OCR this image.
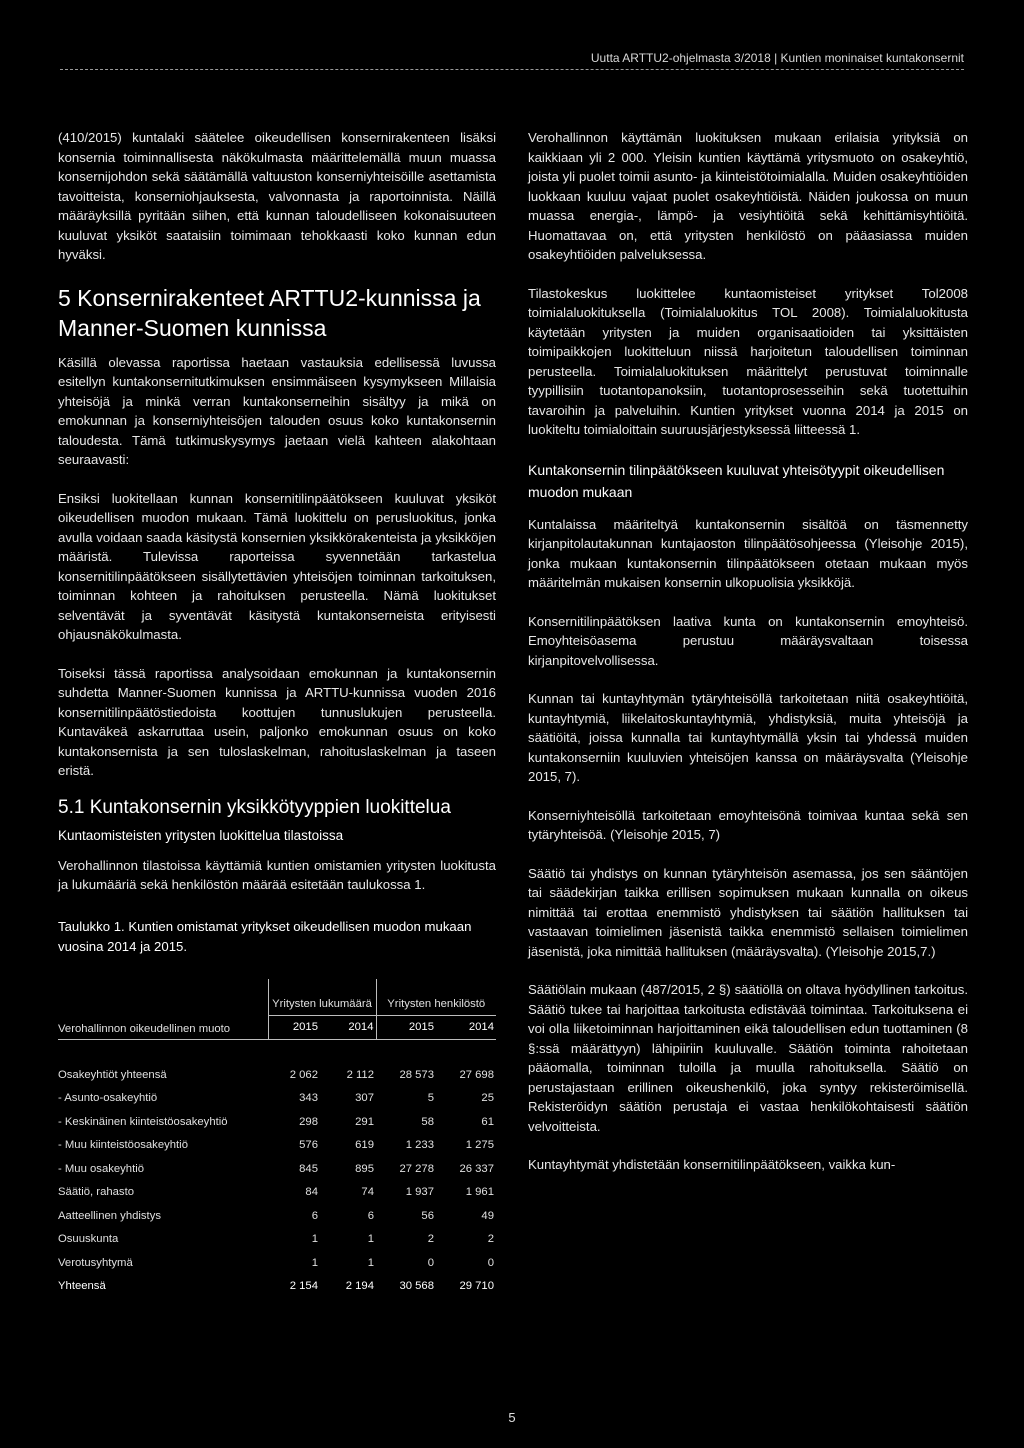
Uutta ARTTU2-ohjelmasta 3/2018 | Kuntien moninaiset kuntakonsernit

(410/2015) kuntalaki säätelee oikeudellisen konsernirakenteen lisäksi konsernia toiminnallisesta näkökulmasta määrittelemällä muun muassa konsernijohdon sekä säätämällä valtuuston konserniyhteisöille asettamista tavoitteista, konserniohjauksesta, valvonnasta ja raportoinnista. Näillä määräyksillä pyritään siihen, että kunnan taloudelliseen kokonaisuuteen kuuluvat yksiköt saataisiin toimimaan tehokkaasti koko kunnan edun hyväksi.

5 Konsernirakenteet ARTTU2-kunnissa ja Manner-Suomen kunnissa

Käsillä olevassa raportissa haetaan vastauksia edellisessä luvussa esitellyn kuntakonsernitutkimuksen ensimmäiseen kysymykseen Millaisia yhteisöjä ja minkä verran kuntakonserneihin sisältyy ja mikä on emokunnan ja konserniyhteisöjen talouden osuus koko kuntakonsernin taloudesta. Tämä tutkimuskysymys jaetaan vielä kahteen alakohtaan seuraavasti:

Ensiksi luokitellaan kunnan konsernitilinpäätökseen kuuluvat yksiköt oikeudellisen muodon mukaan. Tämä luokittelu on perusluokitus, jonka avulla voidaan saada käsitystä konsernien yksikkörakenteista ja yksikköjen määristä. Tulevissa raporteissa syvennetään tarkastelua konsernitilinpäätökseen sisällytettävien yhteisöjen toiminnan tarkoituksen, toiminnan kohteen ja rahoituksen perusteella. Nämä luokitukset selventävät ja syventävät käsitystä kuntakonserneista erityisesti ohjausnäkökulmasta.

Toiseksi tässä raportissa analysoidaan emokunnan ja kuntakonsernin suhdetta Manner-Suomen kunnissa ja ARTTU-kunnissa vuoden 2016 konsernitilinpäätöstiedoista koottujen tunnuslukujen perusteella. Kuntaväkeä askarruttaa usein, paljonko emokunnan osuus on koko kuntakonsernista ja sen tuloslaskelman, rahoituslaskelman ja taseen eristä.

5.1 Kuntakonsernin yksikkötyyppien luokittelua
Kuntaomisteisten yritysten luokittelua tilastoissa

Verohallinnon tilastoissa käyttämiä kuntien omistamien yritysten luokitusta ja lukumääriä sekä henkilöstön määrää esitetään taulukossa 1.

Taulukko 1. Kuntien omistamat yritykset oikeudellisen muodon mukaan vuosina 2014 ja 2015.
Verohallinnon oikeudellinen muoto	Yritysten lukumäärä		Yritysten henkilöstö	
	2015	2014	2015	2014

Osakeyhtiöt yhteensä	2 062	2 112	28 573	27 698
- Asunto-osakeyhtiö	343	307	5	25
- Keskinäinen kiinteistöosakeyhtiö	298	291	58	61
- Muu kiinteistöosakeyhtiö	576	619	1 233	1 275
- Muu osakeyhtiö	845	895	27 278	26 337
Säätiö, rahasto	84	74	1 937	1 961
Aatteellinen yhdistys	6	6	56	49
Osuuskunta	1	1	2	2
Verotusyhtymä	1	1	0	0
Yhteensä	2 154	2 194	30 568	29 710

Verohallinnon käyttämän luokituksen mukaan erilaisia yrityksiä on kaikkiaan yli 2 000. Yleisin kuntien käyttämä yritysmuoto on osakeyhtiö, joista yli puolet toimii asunto- ja kiinteistötoimialalla. Muiden osakeyhtiöiden luokkaan kuuluu vajaat puolet osakeyhtiöistä. Näiden joukossa on muun muassa energia-, lämpö- ja vesiyhtiöitä sekä kehittämisyhtiöitä. Huomattavaa on, että yritysten henkilöstö on pääasiassa muiden osakeyhtiöiden palveluksessa.

Tilastokeskus luokittelee kuntaomisteiset yritykset Tol2008 toimialaluokituksella (Toimialaluokitus TOL 2008). Toimialaluokitusta käytetään yritysten ja muiden organisaatioiden tai yksittäisten toimipaikkojen luokitteluun niissä harjoitetun taloudellisen toiminnan perusteella. Toimialaluokituksen määrittelyt perustuvat toiminnalle tyypillisiin tuotantopanoksiin, tuotantoprosesseihin sekä tuotettuihin tavaroihin ja palveluihin. Kuntien yritykset vuonna 2014 ja 2015 on luokiteltu toimialoittain suuruusjärjestyksessä liitteessä 1.

Kuntakonsernin tilinpäätökseen kuuluvat yhteisötyypit oikeudellisen muodon mukaan

Kuntalaissa määriteltyä kuntakonsernin sisältöä on täsmennetty kirjanpitolautakunnan kuntajaoston tilinpäätösohjeessa (Yleisohje 2015), jonka mukaan kuntakonsernin tilinpäätökseen otetaan mukaan myös määritelmän mukaisen konsernin ulkopuolisia yksikköjä.

Konsernitilinpäätöksen laativa kunta on kuntakonsernin emoyhteisö. Emoyhteisöasema perustuu määräysvaltaan toisessa kirjanpitovelvollisessa.

Kunnan tai kuntayhtymän tytäryhteisöllä tarkoitetaan niitä osakeyhtiöitä, kuntayhtymiä, liikelaitoskuntayhtymiä, yhdistyksiä, muita yhteisöjä ja säätiöitä, joissa kunnalla tai kuntayhtymällä yksin tai yhdessä muiden kuntakonserniin kuuluvien yhteisöjen kanssa on määräysvalta (Yleisohje 2015, 7).

Konserniyhteisöllä tarkoitetaan emoyhteisönä toimivaa kuntaa sekä sen tytäryhteisöä. (Yleisohje 2015, 7)

Säätiö tai yhdistys on kunnan tytäryhteisön asemassa, jos sen sääntöjen tai säädekirjan taikka erillisen sopimuksen mukaan kunnalla on oikeus nimittää tai erottaa enemmistö yhdistyksen tai säätiön hallituksen tai vastaavan toimielimen jäsenistä taikka enemmistö sellaisen toimielimen jäsenistä, joka nimittää hallituksen (määräysvalta). (Yleisohje 2015,7.)

Säätiölain mukaan (487/2015, 2 §) säätiöllä on oltava hyödyllinen tarkoitus. Säätiö tukee tai harjoittaa tarkoitusta edistävää toimintaa. Tarkoituksena ei voi olla liiketoiminnan harjoittaminen eikä taloudellisen edun tuottaminen (8 §:ssä määrättyyn) lähipiiriin kuuluvalle. Säätiön toiminta rahoitetaan pääomalla, toiminnan tuloilla ja muulla rahoituksella. Säätiö on perustajastaan erillinen oikeushenkilö, joka syntyy rekisteröimisellä. Rekisteröidyn säätiön perustaja ei vastaa henkilökohtaisesti säätiön velvoitteista.

Kuntayhtymät yhdistetään konsernitilinpäätökseen, vaikka kun-

5
